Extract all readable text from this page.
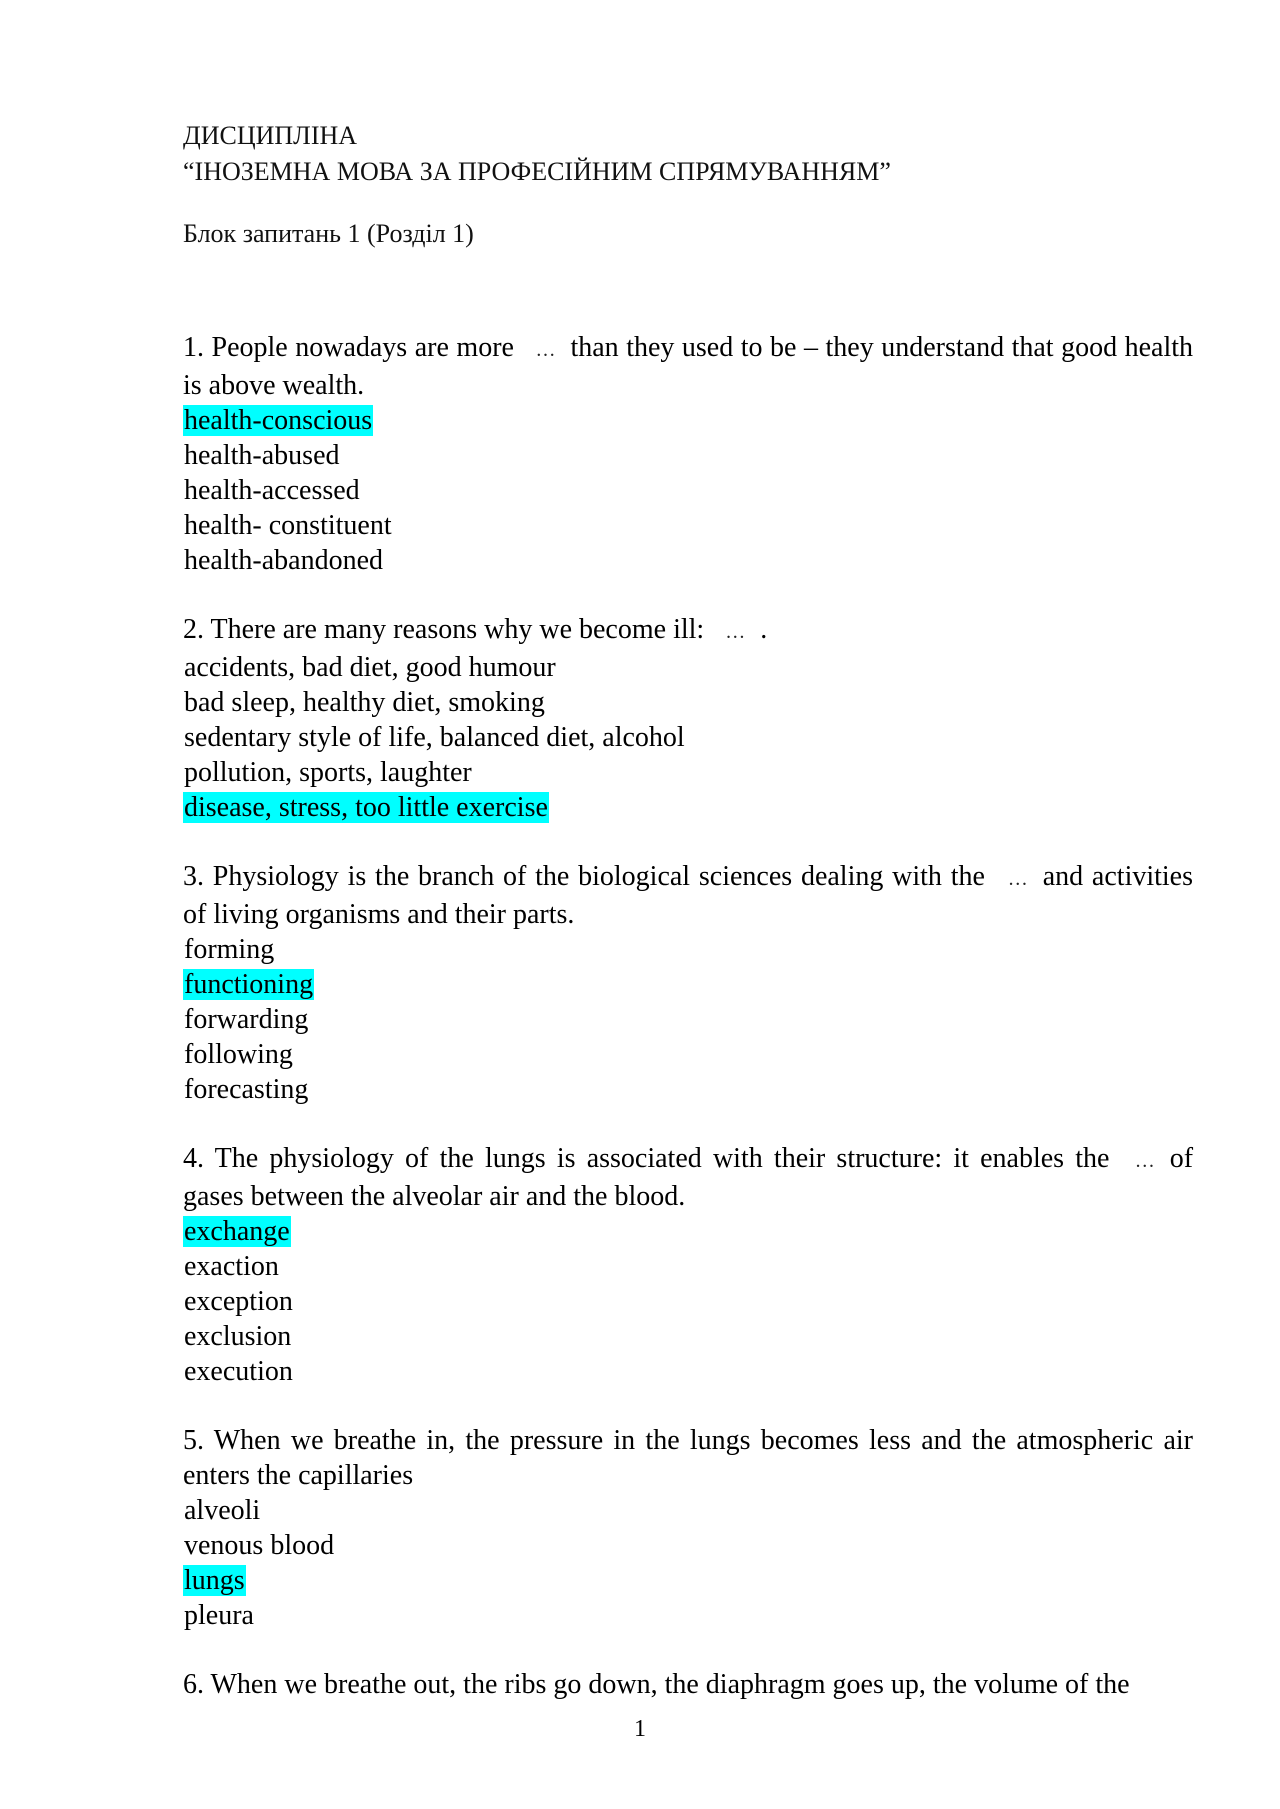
ДИСЦИПЛІНА
“ІНОЗЕМНА МОВА ЗА ПРОФЕСІЙНИМ СПРЯМУВАННЯМ”
Блок запитань 1 (Розділ 1)
1. People nowadays are more … than they used to be – they understand that good health is above wealth.
health-conscious
health-abused
health-accessed
health- constituent
health-abandoned
2. There are many reasons why we become ill: … .
accidents, bad diet, good humour
bad sleep, healthy diet, smoking
sedentary style of life, balanced diet, alcohol
pollution, sports, laughter
disease, stress, too little exercise
3. Physiology is the branch of the biological sciences dealing with the … and activities of living organisms and their parts.
forming
functioning
forwarding
following
forecasting
4. The physiology of the lungs is associated with their structure: it enables the … of gases between the alveolar air and the blood.
exchange
exaction
exception
exclusion
execution
5. When we breathe in, the pressure in the lungs becomes less and the atmospheric air enters the capillaries
alveoli
venous blood
lungs
pleura
6. When we breathe out, the ribs go down, the diaphragm goes up, the volume of the
1
